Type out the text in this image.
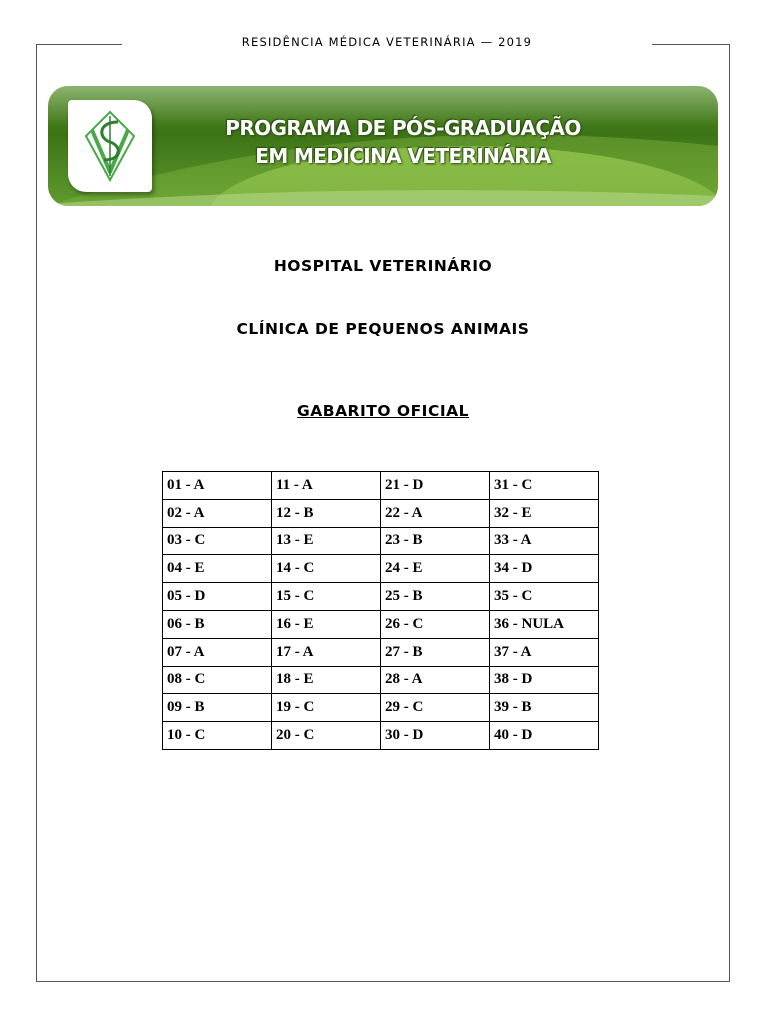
RESIDÊNCIA MÉDICA VETERINÁRIA — 2019
PROGRAMA DE PÓS-GRADUAÇÃO
EM MEDICINA VETERINÁRIA
HOSPITAL VETERINÁRIO
CLÍNICA DE PEQUENOS ANIMAIS
GABARITO OFICIAL
01 - A	11 - A	21 - D	31 - C
02 - A	12 - B	22 - A	32 - E
03 - C	13 - E	23 - B	33 - A
04 - E	14 - C	24 - E	34 - D
05 - D	15 - C	25 - B	35 - C
06 - B	16 - E	26 - C	36 - NULA
07 - A	17 - A	27 - B	37 - A
08 - C	18 - E	28 - A	38 - D
09 - B	19 - C	29 - C	39 - B
10 - C	20 - C	30 - D	40 - D
